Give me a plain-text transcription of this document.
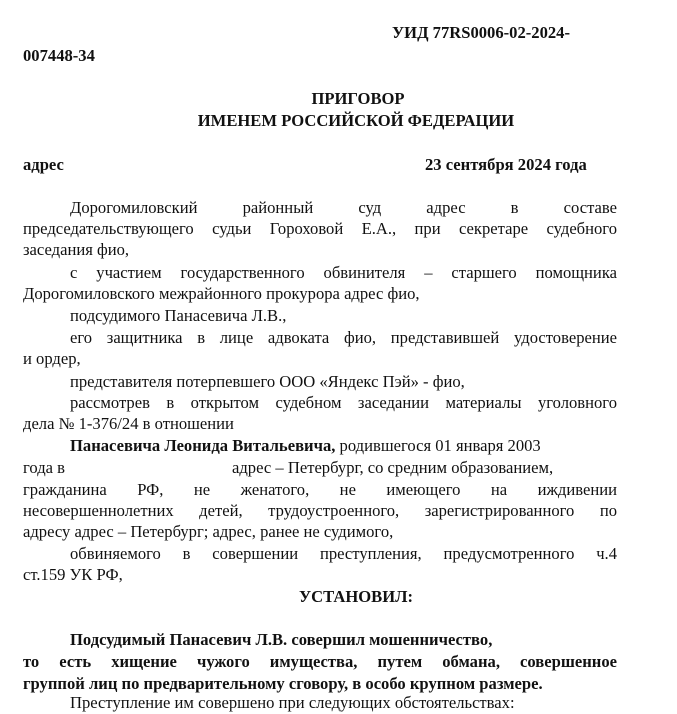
УИД 77RS0006-02-2024-
007448-34
ПРИГОВОР
ИМЕНЕМ РОССИЙСКОЙ ФЕДЕРАЦИИ
адрес	23 сентября 2024 года
Дорогомиловский районный суд адрес в составе
председательствующего судьи Гороховой Е.А., при секретаре судебного
заседания фио,
с участием государственного обвинителя – старшего помощника
Дорогомиловского межрайонного прокурора адрес фио,
подсудимого Панасевича Л.В.,
его защитника в лице адвоката фио, представившей удостоверение
и ордер,
представителя потерпевшего ООО «Яндекс Пэй» - фио,
рассмотрев в открытом судебном заседании материалы уголовного
дела № 1-376/24 в отношении
Панасевича Леонида Витальевича, родившегося 01 января 2003
года в	адрес – Петербург, со средним образованием,
гражданина РФ, не женатого, не имеющего на иждивении
несовершеннолетних детей, трудоустроенного, зарегистрированного по
адресу адрес – Петербург; адрес, ранее не судимого,
обвиняемого в совершении преступления, предусмотренного ч.4
ст.159 УК РФ,
УСТАНОВИЛ:
Подсудимый Панасевич Л.В. совершил мошенничество,
то есть хищение чужого имущества, путем обмана, совершенное
группой лиц по предварительному сговору, в особо крупном размере.
Преступление им совершено при следующих обстоятельствах:
